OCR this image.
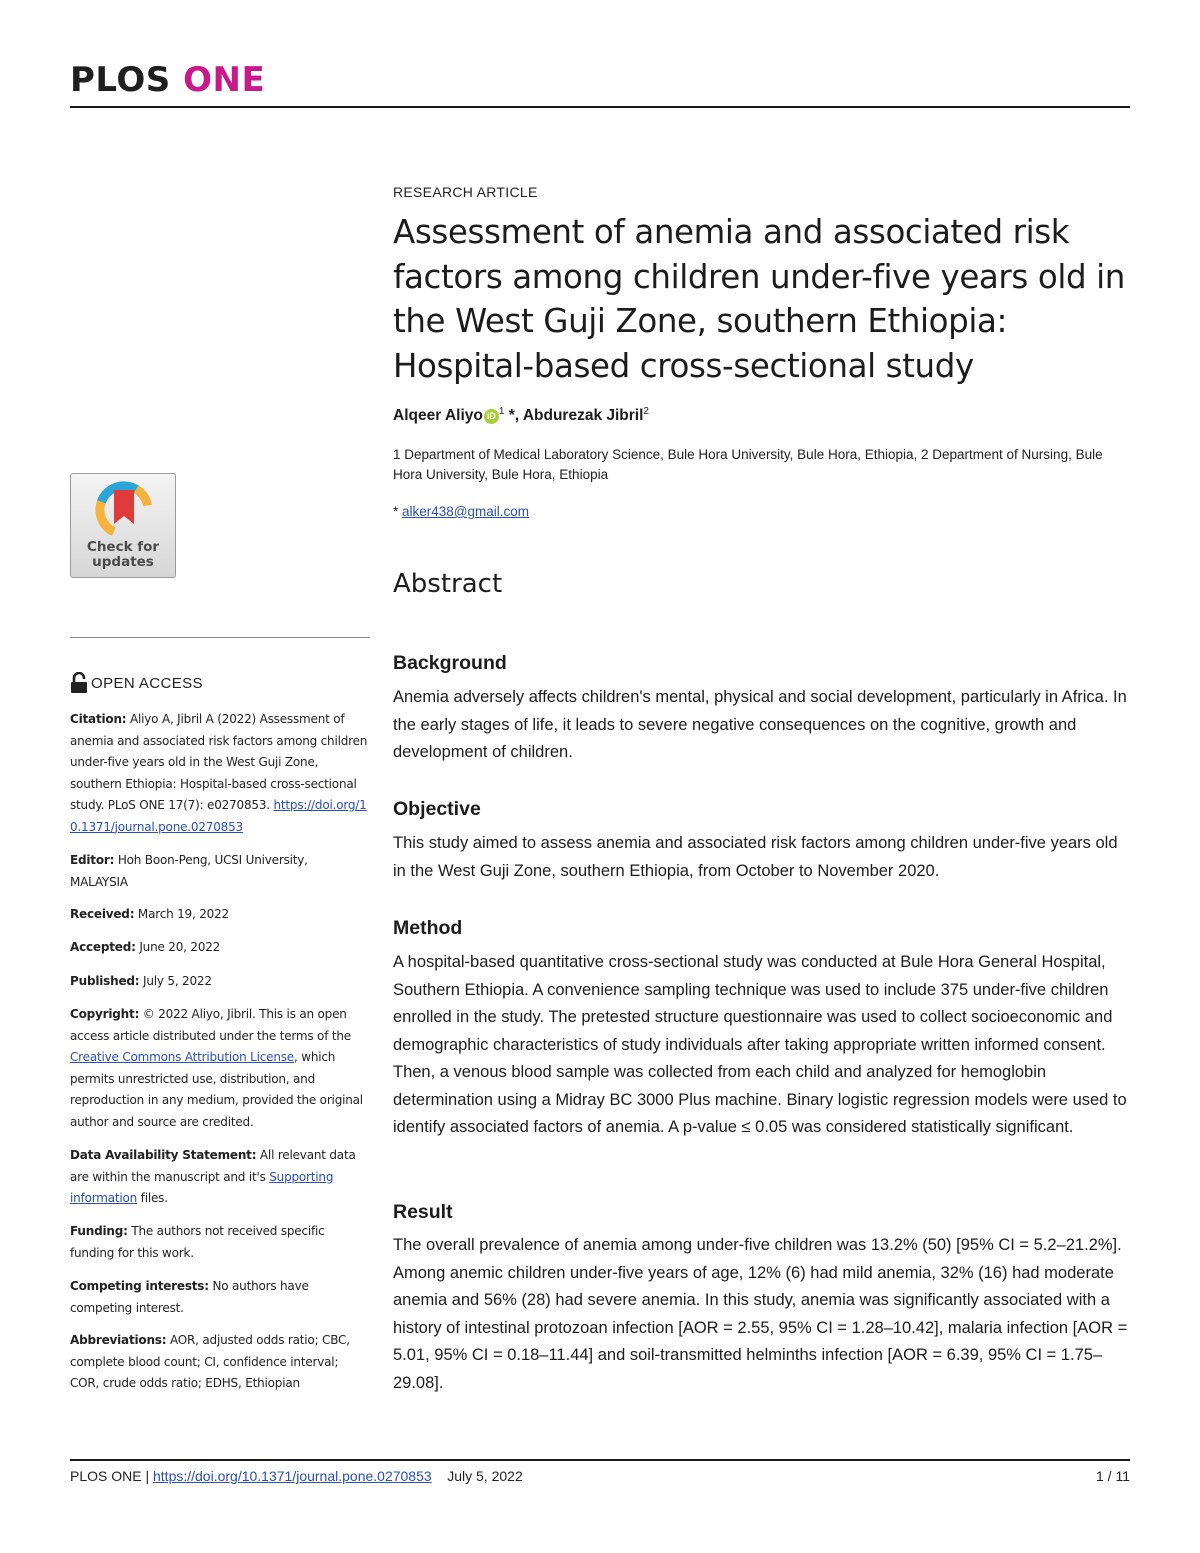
PLOS ONE
Check for
updates
OPEN ACCESS
Citation: Aliyo A, Jibril A (2022) Assessment of anemia and associated risk factors among children under-five years old in the West Guji Zone, southern Ethiopia: Hospital-based cross-sectional study. PLoS ONE 17(7): e0270853. https://doi.org/10.1371/journal.pone.0270853
Editor: Hoh Boon-Peng, UCSI University, MALAYSIA
Received: March 19, 2022
Accepted: June 20, 2022
Published: July 5, 2022
Copyright: © 2022 Aliyo, Jibril. This is an open access article distributed under the terms of the Creative Commons Attribution License, which permits unrestricted use, distribution, and reproduction in any medium, provided the original author and source are credited.
Data Availability Statement: All relevant data are within the manuscript and it's Supporting information files.
Funding: The authors not received specific funding for this work.
Competing interests: No authors have competing interest.
Abbreviations: AOR, adjusted odds ratio; CBC, complete blood count; CI, confidence interval; COR, crude odds ratio; EDHS, Ethiopian
RESEARCH ARTICLE
Assessment of anemia and associated risk factors among children under-five years old in the West Guji Zone, southern Ethiopia: Hospital-based cross-sectional study
Alqeer Aliyo iD $^1$ *, Abdurezak Jibril$^2$
1 Department of Medical Laboratory Science, Bule Hora University, Bule Hora, Ethiopia, 2 Department of Nursing, Bule Hora University, Bule Hora, Ethiopia
* alker438@gmail.com
Abstract
Background
Anemia adversely affects children's mental, physical and social development, particularly in Africa. In the early stages of life, it leads to severe negative consequences on the cognitive, growth and development of children.
Objective
This study aimed to assess anemia and associated risk factors among children under-five years old in the West Guji Zone, southern Ethiopia, from October to November 2020.
Method
A hospital-based quantitative cross-sectional study was conducted at Bule Hora General Hospital, Southern Ethiopia. A convenience sampling technique was used to include 375 under-five children enrolled in the study. The pretested structure questionnaire was used to collect socioeconomic and demographic characteristics of study individuals after taking appropriate written informed consent. Then, a venous blood sample was collected from each child and analyzed for hemoglobin determination using a Midray BC 3000 Plus machine. Binary logistic regression models were used to identify associated factors of anemia. A p-value ≤ 0.05 was considered statistically significant.
Result
The overall prevalence of anemia among under-five children was 13.2% (50) [95% CI = 5.2–21.2%]. Among anemic children under-five years of age, 12% (6) had mild anemia, 32% (16) had moderate anemia and 56% (28) had severe anemia. In this study, anemia was significantly associated with a history of intestinal protozoan infection [AOR = 2.55, 95% CI = 1.28–10.42], malaria infection [AOR = 5.01, 95% CI = 0.18–11.44] and soil-transmitted helminths infection [AOR = 6.39, 95% CI = 1.75–29.08].
PLOS ONE | https://doi.org/10.1371/journal.pone.0270853 July 5, 2022	1 / 11
